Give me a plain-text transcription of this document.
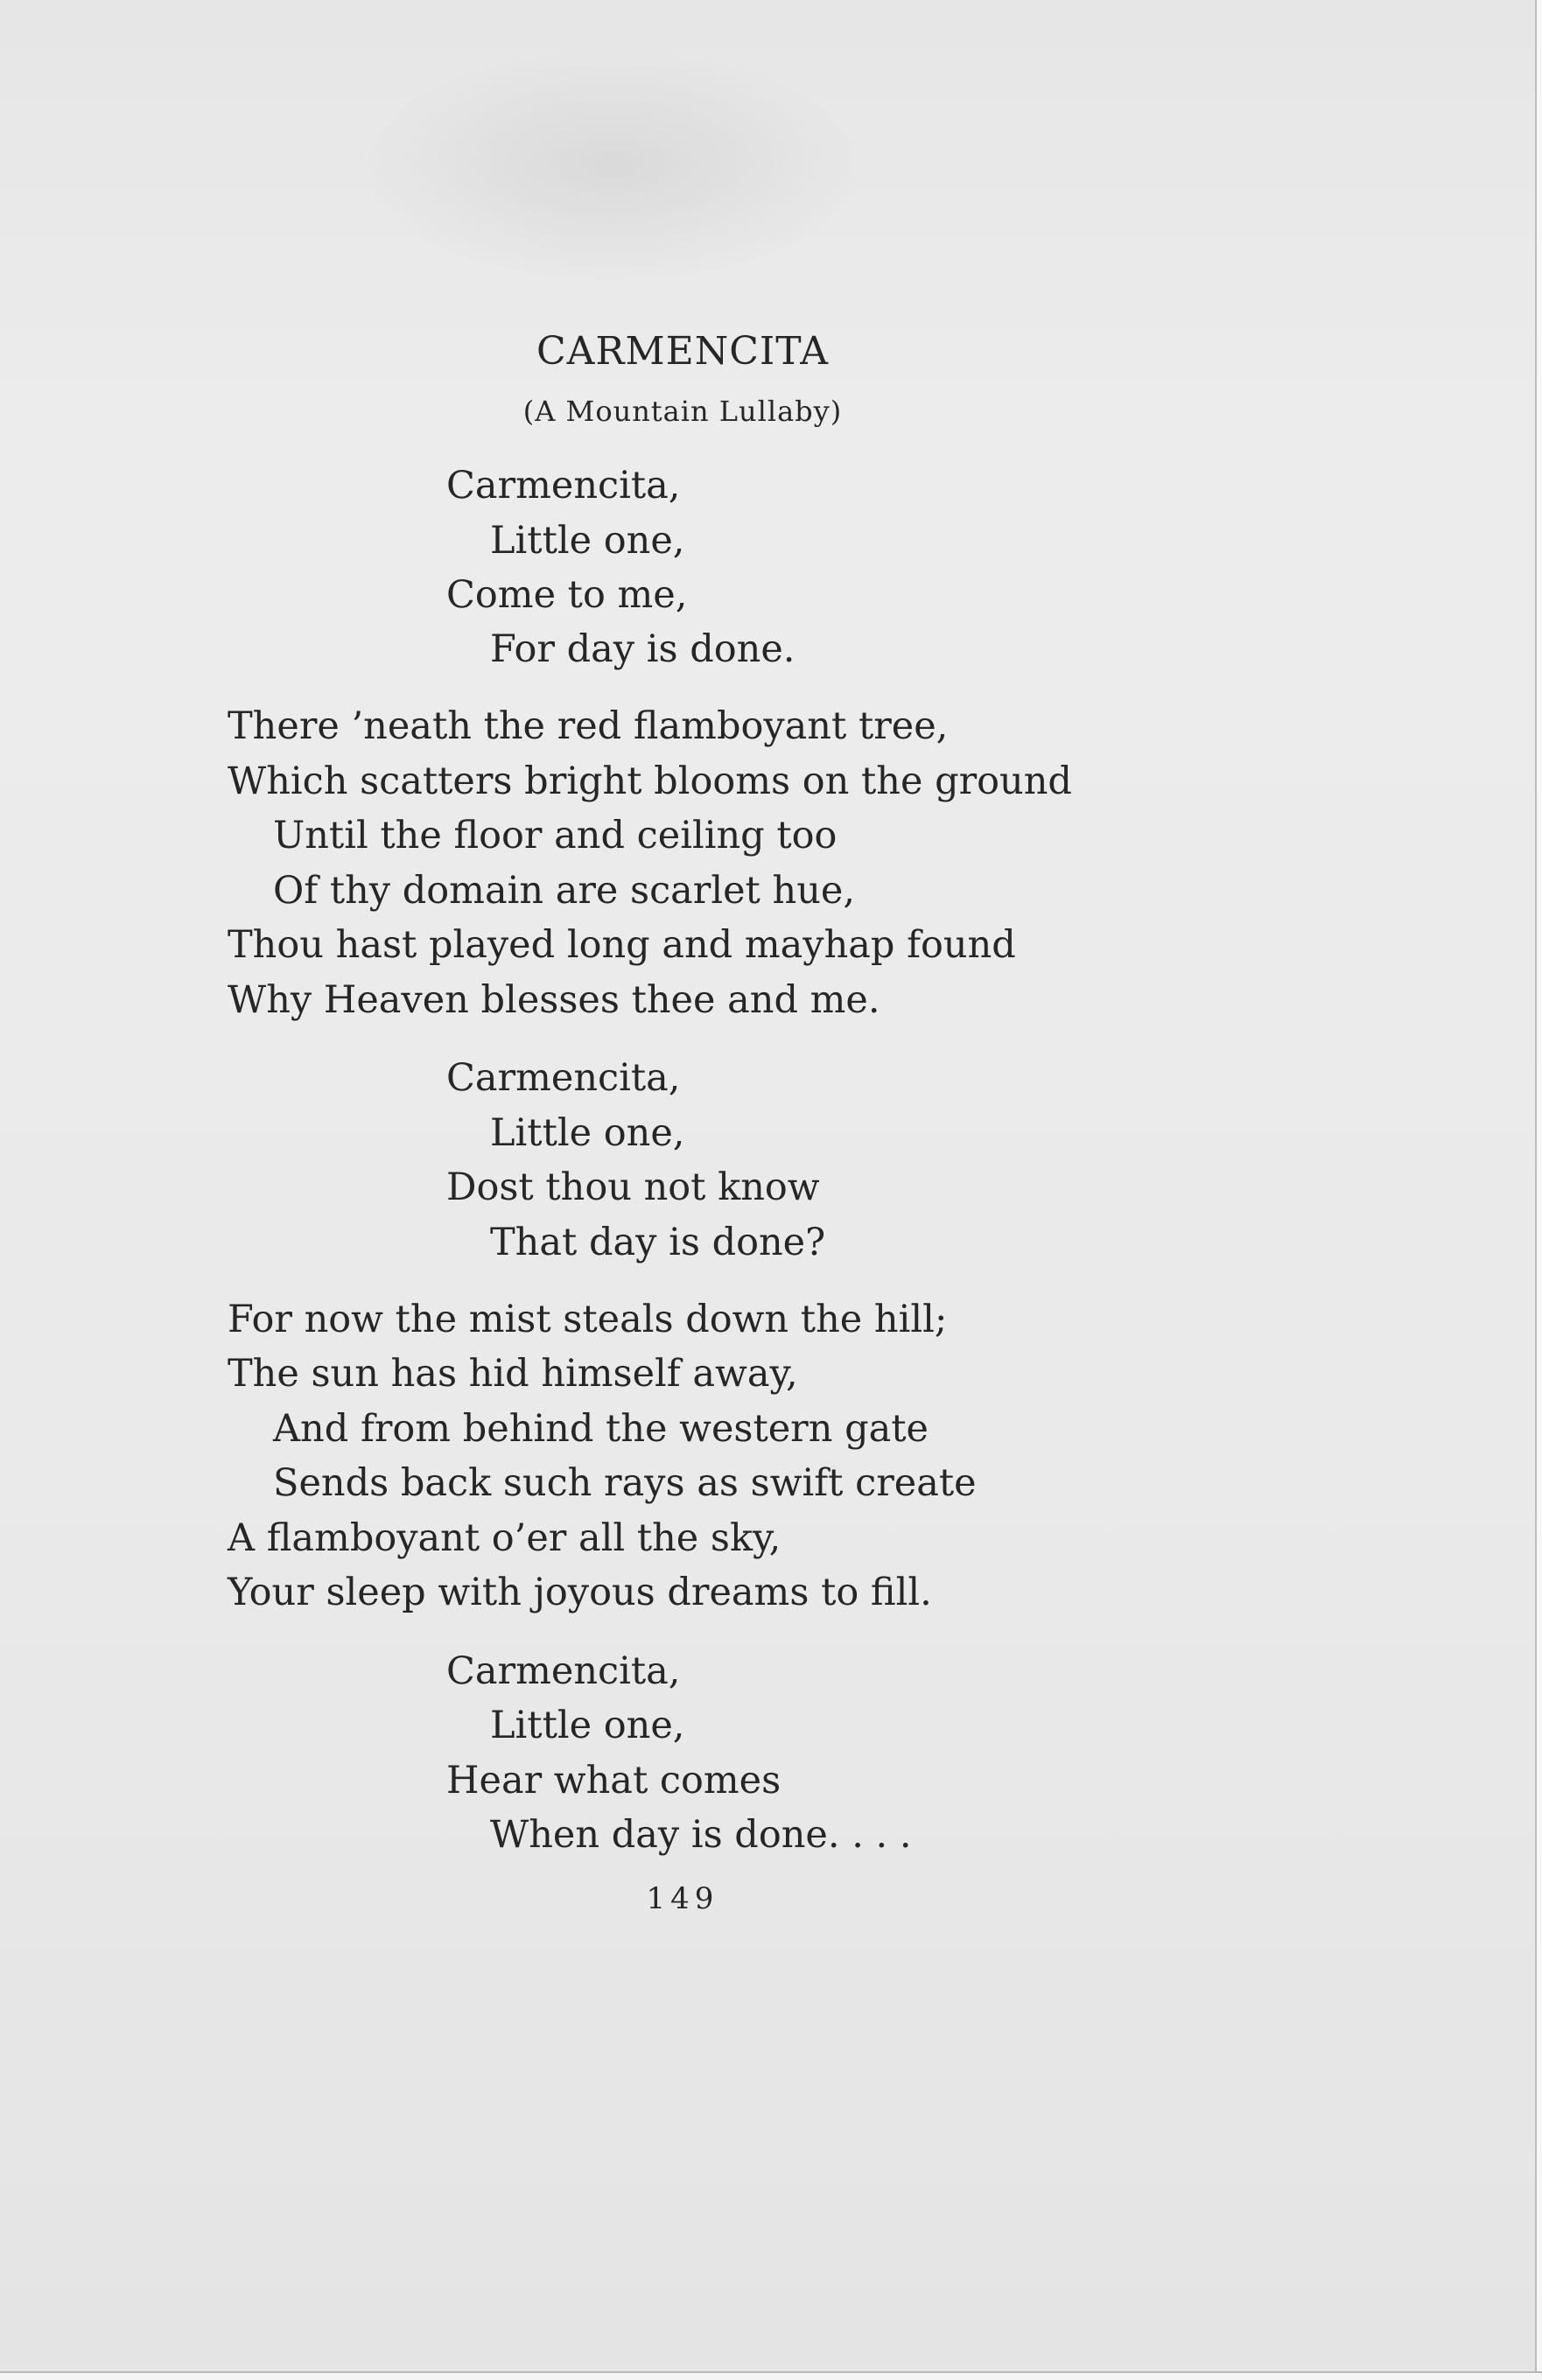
CARMENCITA
(A Mountain Lullaby)

Carmencita,

Little one,

Come to me,

For day is done.

There ’neath the red flamboyant tree,

Which scatters bright blooms on the ground

Until the floor and ceiling too

Of thy domain are scarlet hue,

Thou hast played long and mayhap found

Why Heaven blesses thee and me.

Carmencita,

Little one,

Dost thou not know

That day is done?

For now the mist steals down the hill;

The sun has hid himself away,

And from behind the western gate

Sends back such rays as swift create

A flamboyant o’er all the sky,

Your sleep with joyous dreams to fill.

Carmencita,

Little one,

Hear what comes

When day is done. . . .

149
